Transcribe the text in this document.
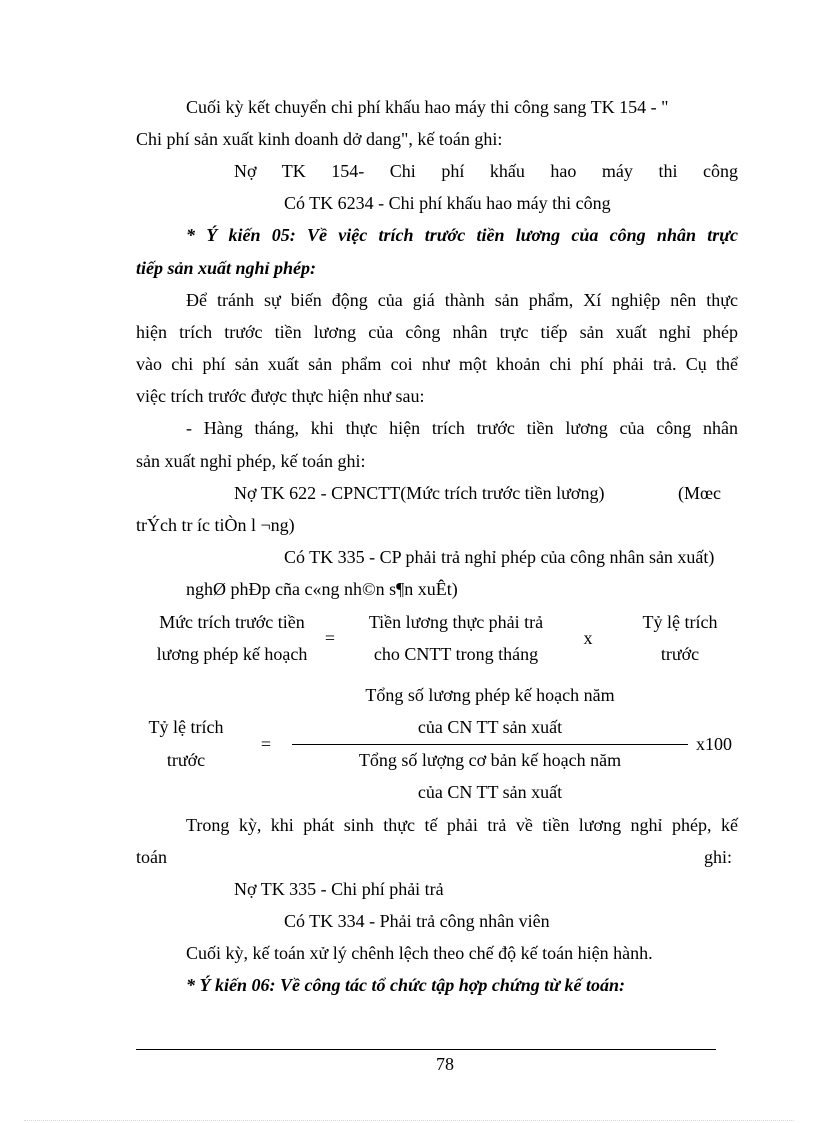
Cuối kỳ kết chuyển chi phí khấu hao máy thi công sang TK 154 - "
Chi phí sản xuất kinh doanh dở dang", kế toán ghi:
Nợ TK 154- Chi phí khấu hao máy thi công
Có TK 6234 - Chi phí khấu hao máy thi công
* Ý kiến 05: Về việc trích trước tiền lương của công nhân trực
tiếp sản xuất nghỉ phép:
Để tránh sự biến động của giá thành sản phẩm, Xí nghiệp nên thực
hiện trích trước tiền lương của công nhân trực tiếp sản xuất nghỉ phép
vào chi phí sản xuất sản phẩm coi như một khoản chi phí phải trả. Cụ thể
việc trích trước được thực hiện như sau:
- Hàng tháng, khi thực hiện trích trước tiền lương của công nhân
sản xuất nghỉ phép, kế toán ghi:
Nợ TK 622 - CPNCTT(Mức trích trước tiền lương)	(Mœc
trÝch tr íc tiÒn l ¬ng)
Có TK 335 - CP phải trả nghỉ phép của công nhân sản xuất)
nghØ phÐp cña c«ng nh©n s¶n xuÊt)
Mức trích trước tiền
lương phép kế hoạch
=
Tiền lương thực phải trả
cho CNTT trong tháng
x
Tỷ lệ trích
trước
Tỷ lệ trích
trước
=
Tổng số lương phép kế hoạch năm
của CN TT sản xuất
Tổng số lượng cơ bản kế hoạch năm
của CN TT sản xuất
x100
Trong kỳ, khi phát sinh thực tế phải trả về tiền lương nghỉ phép, kế
toán	ghi:
Nợ TK 335 - Chi phí phải trả
Có TK 334 - Phải trả công nhân viên
Cuối kỳ, kế toán xử lý chênh lệch theo chế độ kế toán hiện hành.
* Ý kiến 06: Về công tác tổ chức tập hợp chứng từ kế toán:
78
